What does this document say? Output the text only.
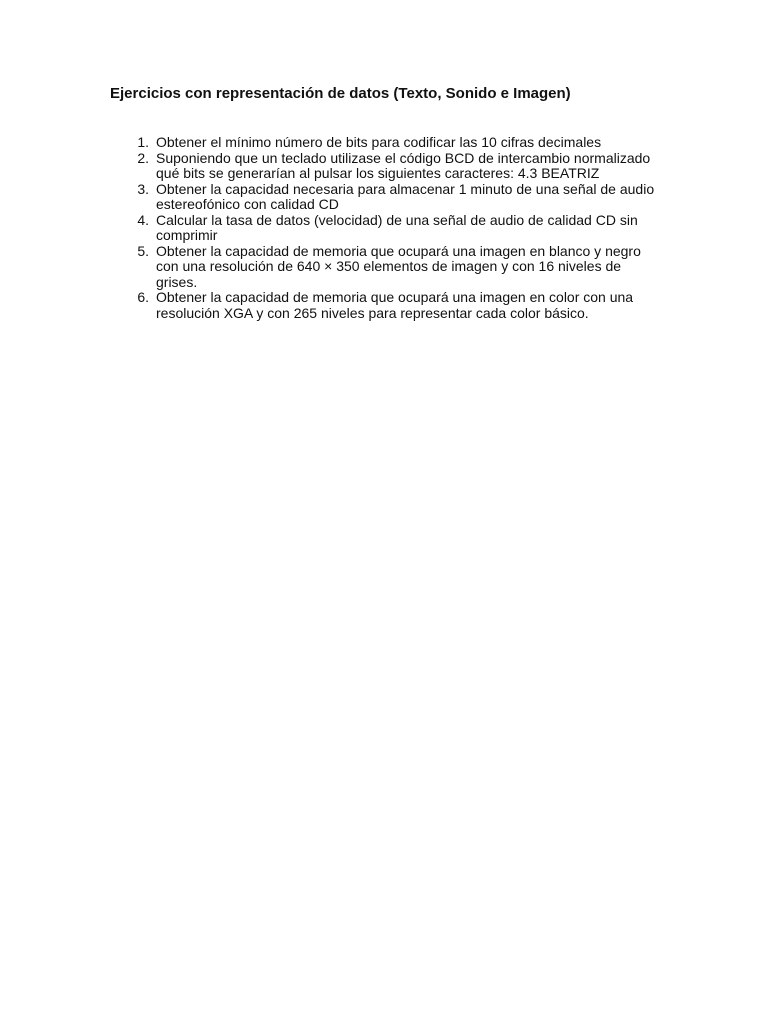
Ejercicios con representación de datos (Texto, Sonido e Imagen)
1. Obtener el mínimo número de bits para codificar las 10 cifras decimales
2. Suponiendo que un teclado utilizase el código BCD de intercambio normalizado qué bits se generarían al pulsar los siguientes caracteres: 4.3 BEATRIZ
3. Obtener la capacidad necesaria para almacenar 1 minuto de una señal de audio estereofónico con calidad CD
4. Calcular la tasa de datos (velocidad) de una señal de audio de calidad CD sin comprimir
5. Obtener la capacidad de memoria que ocupará una imagen en blanco y negro con una resolución de 640 × 350 elementos de imagen y con 16 niveles de grises.
6. Obtener la capacidad de memoria que ocupará una imagen en color con una resolución XGA y con 265 niveles para representar cada color básico.
